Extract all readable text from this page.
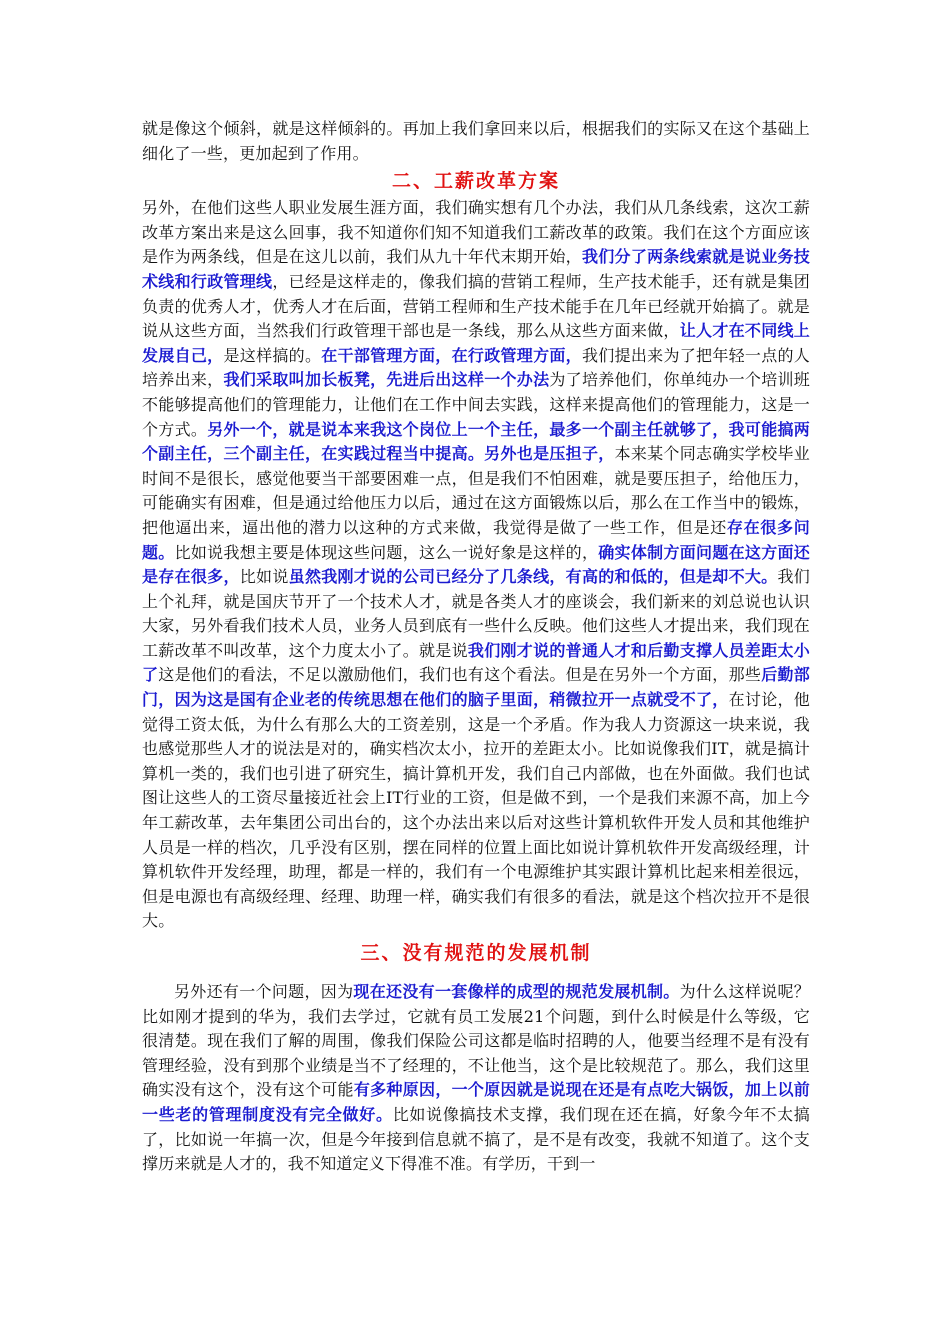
就是像这个倾斜，就是这样倾斜的。再加上我们拿回来以后，根据我们的实际又在这个基础上细化了一些，更加起到了作用。

二、工薪改革方案

另外，在他们这些人职业发展生涯方面，我们确实想有几个办法，我们从几条线索，这次工薪改革方案出来是这么回事，我不知道你们知不知道我们工薪改革的政策。我们在这个方面应该是作为两条线，但是在这儿以前，我们从九十年代末期开始，我们分了两条线索就是说业务技术线和行政管理线，已经是这样走的，像我们搞的营销工程师，生产技术能手，还有就是集团负责的优秀人才，优秀人才在后面，营销工程师和生产技术能手在几年已经就开始搞了。就是说从这些方面，当然我们行政管理干部也是一条线，那么从这些方面来做，让人才在不同线上发展自己，是这样搞的。在干部管理方面，在行政管理方面，我们提出来为了把年轻一点的人培养出来，我们采取叫加长板凳，先进后出这样一个办法为了培养他们，你单纯办一个培训班不能够提高他们的管理能力，让他们在工作中间去实践，这样来提高他们的管理能力，这是一个方式。另外一个，就是说本来我这个岗位上一个主任，最多一个副主任就够了，我可能搞两个副主任，三个副主任，在实践过程当中提高。另外也是压担子，本来某个同志确实学校毕业时间不是很长，感觉他要当干部要困难一点，但是我们不怕困难，就是要压担子，给他压力，可能确实有困难，但是通过给他压力以后，通过在这方面锻炼以后，那么在工作当中的锻炼，把他逼出来，逼出他的潜力以这种的方式来做，我觉得是做了一些工作，但是还存在很多问题。比如说我想主要是体现这些问题，这么一说好象是这样的，确实体制方面问题在这方面还是存在很多，比如说虽然我刚才说的公司已经分了几条线，有高的和低的，但是却不大。我们上个礼拜，就是国庆节开了一个技术人才，就是各类人才的座谈会，我们新来的刘总说也认识大家，另外看我们技术人员，业务人员到底有一些什么反映。他们这些人才提出来，我们现在工薪改革不叫改革，这个力度太小了。就是说我们刚才说的普通人才和后勤支撑人员差距太小了这是他们的看法，不足以激励他们，我们也有这个看法。但是在另外一个方面，那些后勤部门，因为这是国有企业老的传统思想在他们的脑子里面，稍微拉开一点就受不了，在讨论，他觉得工资太低，为什么有那么大的工资差别，这是一个矛盾。作为我人力资源这一块来说，我也感觉那些人才的说法是对的，确实档次太小，拉开的差距太小。比如说像我们IT，就是搞计算机一类的，我们也引进了研究生，搞计算机开发，我们自己内部做，也在外面做。我们也试图让这些人的工资尽量接近社会上IT行业的工资，但是做不到，一个是我们来源不高，加上今年工薪改革，去年集团公司出台的，这个办法出来以后对这些计算机软件开发人员和其他维护人员是一样的档次，几乎没有区别，摆在同样的位置上面比如说计算机软件开发高级经理，计算机软件开发经理，助理，都是一样的，我们有一个电源维护其实跟计算机比起来相差很远，但是电源也有高级经理、经理、助理一样，确实我们有很多的看法，就是这个档次拉开不是很大。

三、没有规范的发展机制

另外还有一个问题，因为现在还没有一套像样的成型的规范发展机制。为什么这样说呢？比如刚才提到的华为，我们去学过，它就有员工发展21个问题，到什么时候是什么等级，它很清楚。现在我们了解的周围，像我们保险公司这都是临时招聘的人，他要当经理不是有没有管理经验，没有到那个业绩是当不了经理的，不让他当，这个是比较规范了。那么，我们这里确实没有这个，没有这个可能有多种原因，一个原因就是说现在还是有点吃大锅饭，加上以前一些老的管理制度没有完全做好。比如说像搞技术支撑，我们现在还在搞，好象今年不太搞了，比如说一年搞一次，但是今年接到信息就不搞了，是不是有改变，我就不知道了。这个支撑历来就是人才的，我不知道定义下得准不准。有学历，干到一
